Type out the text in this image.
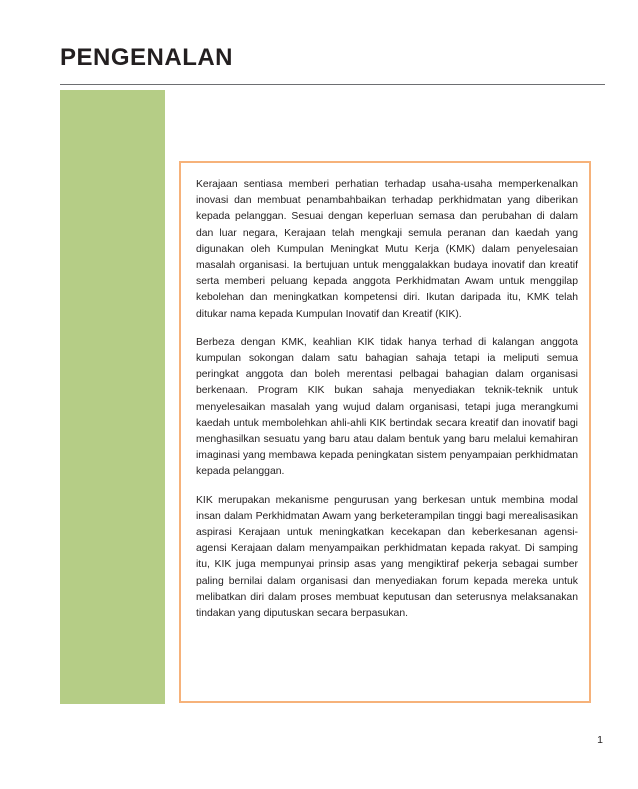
PENGENALAN

Kerajaan sentiasa memberi perhatian terhadap usaha-usaha memperkenalkan inovasi dan membuat penambahbaikan terhadap perkhidmatan yang diberikan kepada pelanggan. Sesuai dengan keperluan semasa dan perubahan di dalam dan luar negara, Kerajaan telah mengkaji semula peranan dan kaedah yang digunakan oleh Kumpulan Meningkat Mutu Kerja (KMK) dalam penyelesaian masalah organisasi. Ia bertujuan untuk menggalakkan budaya inovatif dan kreatif serta memberi peluang kepada anggota Perkhidmatan Awam untuk menggilap kebolehan dan meningkatkan kompetensi diri. Ikutan daripada itu, KMK telah ditukar nama kepada Kumpulan Inovatif dan Kreatif (KIK).

Berbeza dengan KMK, keahlian KIK tidak hanya terhad di kalangan anggota kumpulan sokongan dalam satu bahagian sahaja tetapi ia meliputi semua peringkat anggota dan boleh merentasi pelbagai bahagian dalam organisasi berkenaan. Program KIK bukan sahaja menyediakan teknik-teknik untuk menyelesaikan masalah yang wujud dalam organisasi, tetapi juga merangkumi kaedah untuk membolehkan ahli-ahli KIK bertindak secara kreatif dan inovatif bagi menghasilkan sesuatu yang baru atau dalam bentuk yang baru melalui kemahiran imaginasi yang membawa kepada peningkatan sistem penyampaian perkhidmatan kepada pelanggan.

KIK merupakan mekanisme pengurusan yang berkesan untuk membina modal insan dalam Perkhidmatan Awam yang berketerampilan tinggi bagi merealisasikan aspirasi Kerajaan untuk meningkatkan kecekapan dan keberkesanan agensi-agensi Kerajaan dalam menyampaikan perkhidmatan kepada rakyat. Di samping itu, KIK juga mempunyai prinsip asas yang mengiktiraf pekerja sebagai sumber paling bernilai dalam organisasi dan menyediakan forum kepada mereka untuk melibatkan diri dalam proses membuat keputusan dan seterusnya melaksanakan tindakan yang diputuskan secara berpasukan.

1
